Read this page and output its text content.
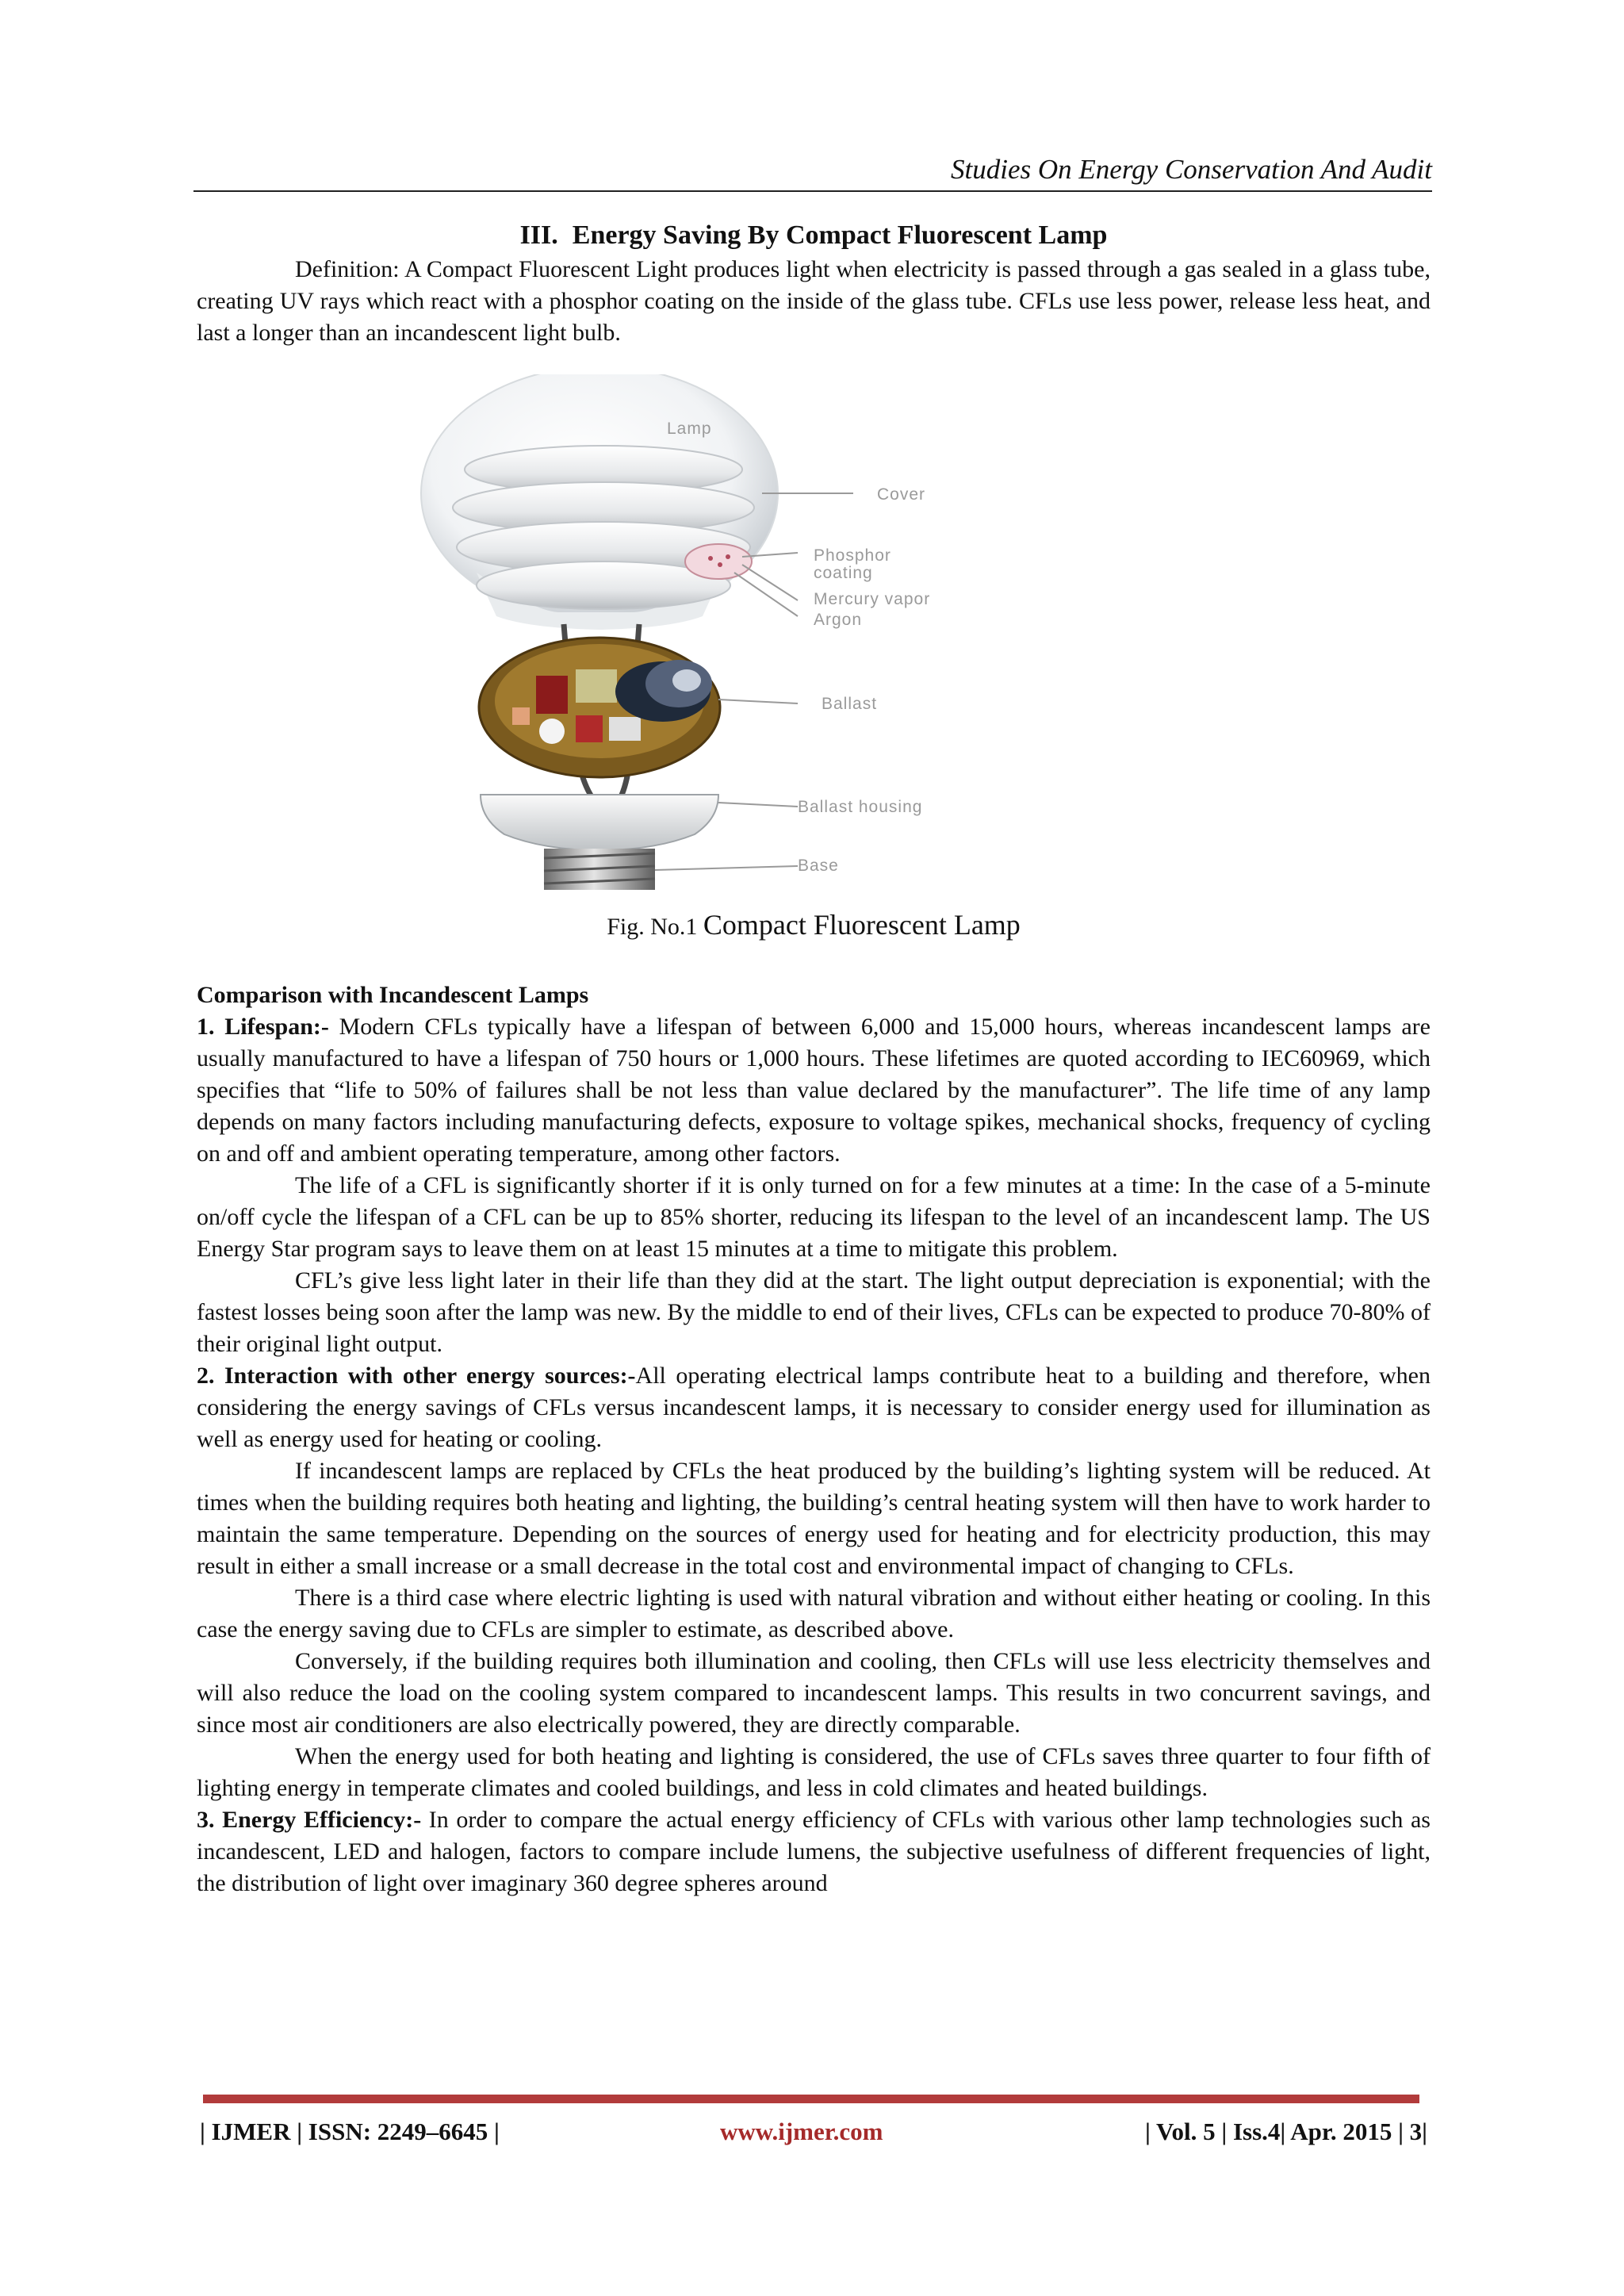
Studies On Energy Conservation And Audit

III. Energy Saving By Compact Fluorescent Lamp

Definition: A Compact Fluorescent Light produces light when electricity is passed through a gas sealed in a glass tube, creating UV rays which react with a phosphor coating on the inside of the glass tube. CFLs use less power, release less heat, and last a longer than an incandescent light bulb.

Lamp
Cover
Phosphor
coating
Mercury vapor
Argon
Ballast
Ballast housing
Base

Fig. No.1 Compact Fluorescent Lamp

Comparison with Incandescent Lamps

1. Lifespan:- Modern CFLs typically have a lifespan of between 6,000 and 15,000 hours, whereas incandescent lamps are usually manufactured to have a lifespan of 750 hours or 1,000 hours. These lifetimes are quoted according to IEC60969, which specifies that “life to 50% of failures shall be not less than value declared by the manufacturer”. The life time of any lamp depends on many factors including manufacturing defects, exposure to voltage spikes, mechanical shocks, frequency of cycling on and off and ambient operating temperature, among other factors.

The life of a CFL is significantly shorter if it is only turned on for a few minutes at a time: In the case of a 5-minute on/off cycle the lifespan of a CFL can be up to 85% shorter, reducing its lifespan to the level of an incandescent lamp. The US Energy Star program says to leave them on at least 15 minutes at a time to mitigate this problem.

CFL’s give less light later in their life than they did at the start. The light output depreciation is exponential; with the fastest losses being soon after the lamp was new. By the middle to end of their lives, CFLs can be expected to produce 70-80% of their original light output.

2. Interaction with other energy sources:-All operating electrical lamps contribute heat to a building and therefore, when considering the energy savings of CFLs versus incandescent lamps, it is necessary to consider energy used for illumination as well as energy used for heating or cooling.

If incandescent lamps are replaced by CFLs the heat produced by the building’s lighting system will be reduced. At times when the building requires both heating and lighting, the building’s central heating system will then have to work harder to maintain the same temperature. Depending on the sources of energy used for heating and for electricity production, this may result in either a small increase or a small decrease in the total cost and environmental impact of changing to CFLs.

There is a third case where electric lighting is used with natural vibration and without either heating or cooling. In this case the energy saving due to CFLs are simpler to estimate, as described above.

Conversely, if the building requires both illumination and cooling, then CFLs will use less electricity themselves and will also reduce the load on the cooling system compared to incandescent lamps. This results in two concurrent savings, and since most air conditioners are also electrically powered, they are directly comparable.

When the energy used for both heating and lighting is considered, the use of CFLs saves three quarter to four fifth of lighting energy in temperate climates and cooled buildings, and less in cold climates and heated buildings.

3. Energy Efficiency:- In order to compare the actual energy efficiency of CFLs with various other lamp technologies such as incandescent, LED and halogen, factors to compare include lumens, the subjective usefulness of different frequencies of light, the distribution of light over imaginary 360 degree spheres around

| IJMER | ISSN: 2249–6645 |	www.ijmer.com	| Vol. 5 | Iss.4| Apr. 2015 | 3|
